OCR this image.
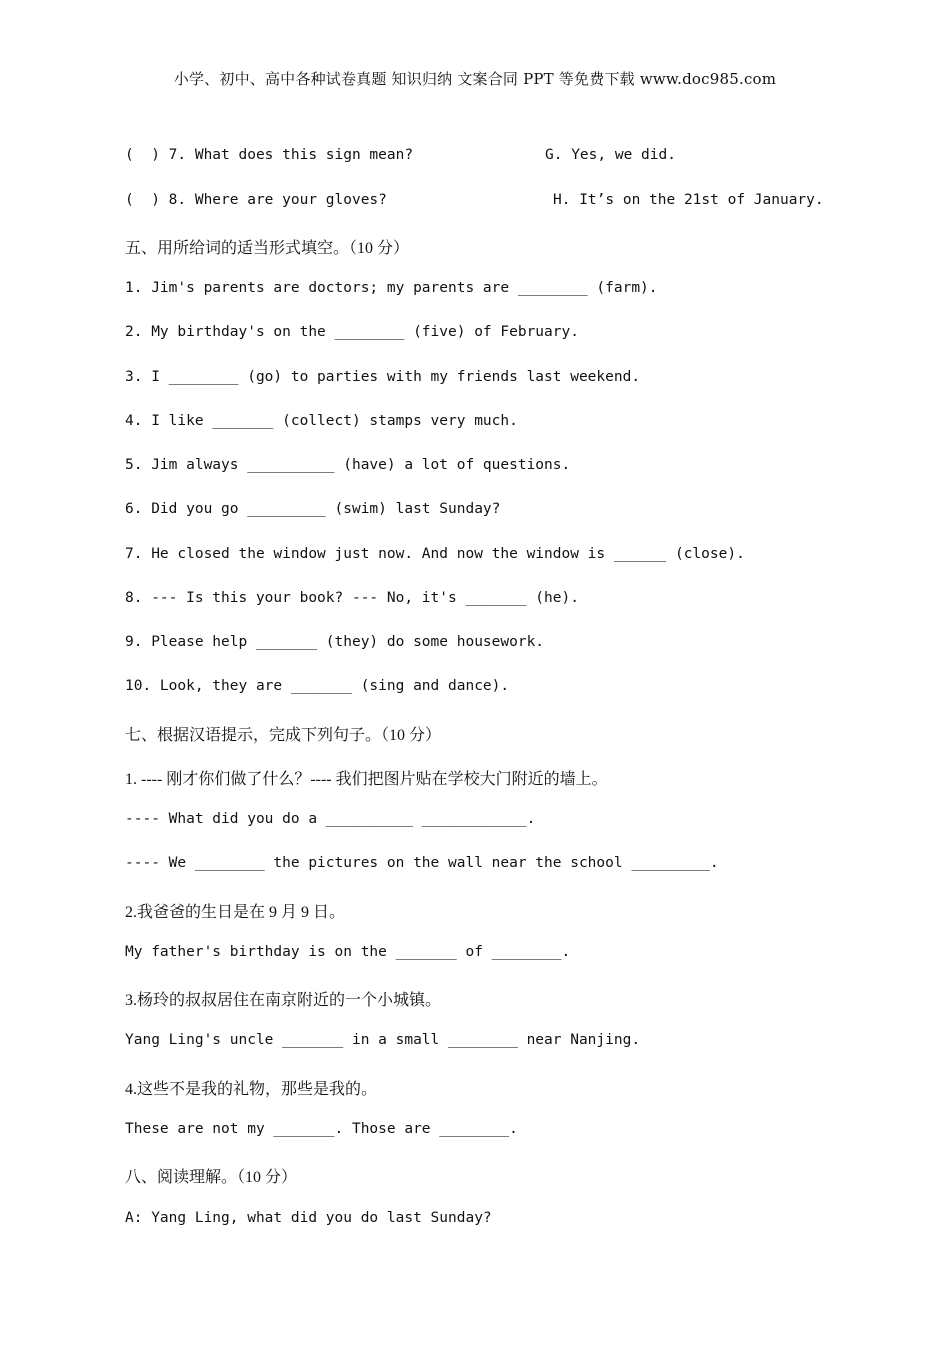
小学、初中、高中各种试卷真题 知识归纳 文案合同 PPT 等免费下载 www.doc985.com
(  ) 7. What does this sign mean?	G. Yes, we did.
(  ) 8. Where are your gloves?	H. It’s on the 21st of January.
五、用所给词的适当形式填空。（10 分）
1. Jim's parents are doctors; my parents are ________ (farm).
2. My birthday's on the ________ (five) of February.
3. I ________ (go) to parties with my friends last weekend.
4. I like _______ (collect) stamps very much.
5. Jim always __________ (have) a lot of questions.
6. Did you go _________ (swim) last Sunday?
7. He closed the window just now. And now the window is ______ (close).
8. --- Is this your book? --- No, it's _______ (he).
9. Please help _______ (they) do some housework.
10. Look, they are _______ (sing and dance).
七、根据汉语提示，完成下列句子。（10 分）
1. ---- 刚才你们做了什么？---- 我们把图片贴在学校大门附近的墙上。
---- What did you do a __________ ____________.
---- We ________ the pictures on the wall near the school _________.
2.我爸爸的生日是在 9 月 9 日。
My father's birthday is on the _______ of ________.
3.杨玲的叔叔居住在南京附近的一个小城镇。
Yang Ling's uncle _______ in a small ________ near Nanjing.
4.这些不是我的礼物，那些是我的。
These are not my _______. Those are ________.
八、阅读理解。（10 分）
A: Yang Ling, what did you do last Sunday?
